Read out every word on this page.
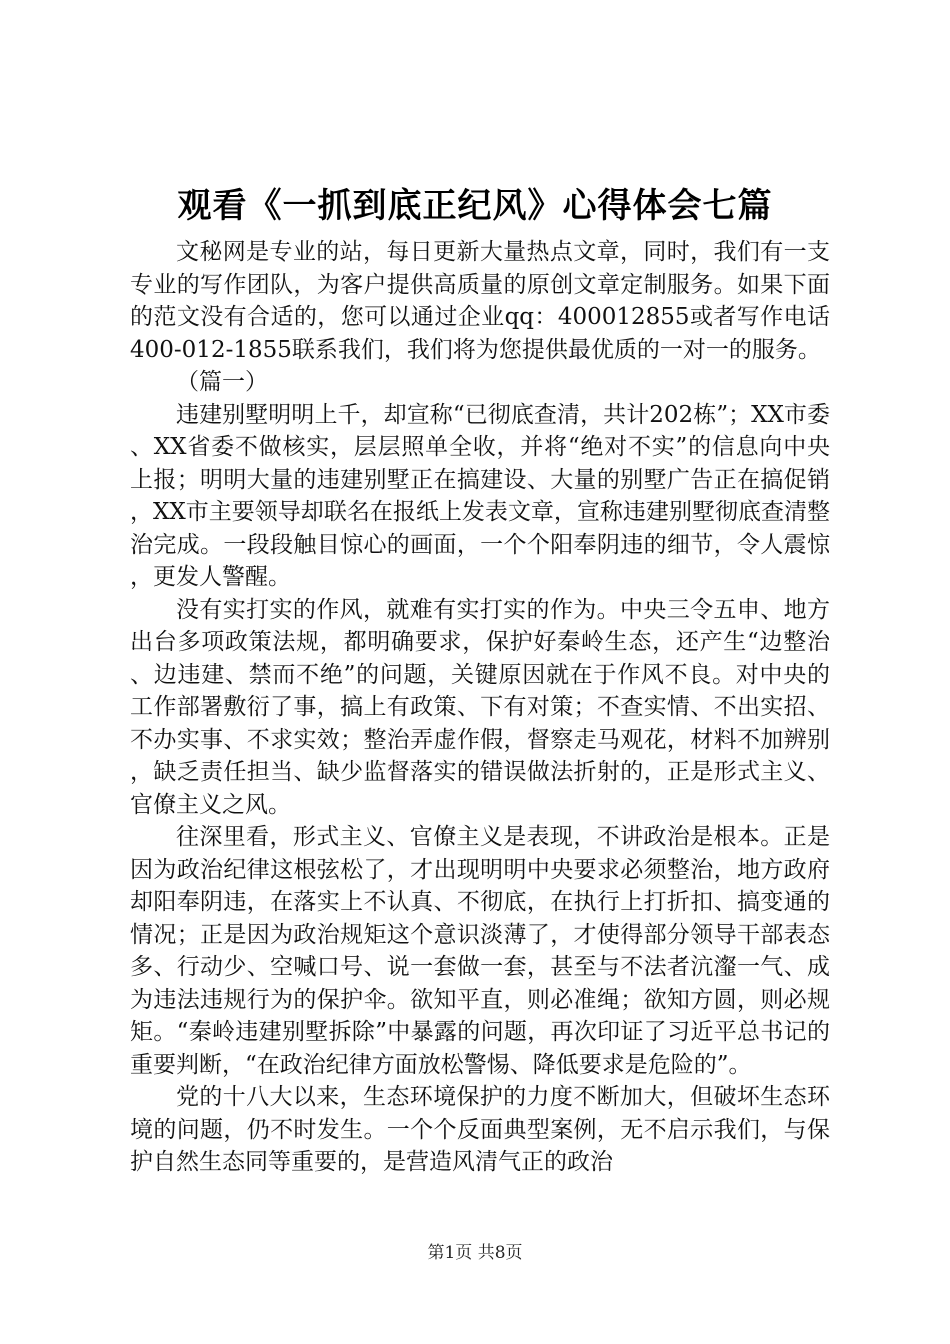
观看《一抓到底正纪风》心得体会七篇

文秘网是专业的站，每日更新大量热点文章，同时，我们有一支专业的写作团队，为客户提供高质量的原创文章定制服务。如果下面的范文没有合适的，您可以通过企业qq：400012855或者写作电话400-012-1855联系我们，我们将为您提供最优质的一对一的服务。

（篇一）

违建别墅明明上千，却宣称“已彻底查清，共计202栋”；XX市委、XX省委不做核实，层层照单全收，并将“绝对不实”的信息向中央上报；明明大量的违建别墅正在搞建设、大量的别墅广告正在搞促销，XX市主要领导却联名在报纸上发表文章，宣称违建别墅彻底查清整治完成。一段段触目惊心的画面，一个个阳奉阴违的细节，令人震惊，更发人警醒。

没有实打实的作风，就难有实打实的作为。中央三令五申、地方出台多项政策法规，都明确要求，保护好秦岭生态，还产生“边整治、边违建、禁而不绝”的问题，关键原因就在于作风不良。对中央的工作部署敷衍了事，搞上有政策、下有对策；不查实情、不出实招、不办实事、不求实效；整治弄虚作假，督察走马观花，材料不加辨别，缺乏责任担当、缺少监督落实的错误做法折射的，正是形式主义、官僚主义之风。

往深里看，形式主义、官僚主义是表现，不讲政治是根本。正是因为政治纪律这根弦松了，才出现明明中央要求必须整治，地方政府却阳奉阴违，在落实上不认真、不彻底，在执行上打折扣、搞变通的情况；正是因为政治规矩这个意识淡薄了，才使得部分领导干部表态多、行动少、空喊口号、说一套做一套，甚至与不法者沆瀣一气、成为违法违规行为的保护伞。欲知平直，则必准绳；欲知方圆，则必规矩。“秦岭违建别墅拆除”中暴露的问题，再次印证了习近平总书记的重要判断，“在政治纪律方面放松警惕、降低要求是危险的”。

党的十八大以来，生态环境保护的力度不断加大，但破坏生态环境的问题，仍不时发生。一个个反面典型案例，无不启示我们，与保护自然生态同等重要的，是营造风清气正的政治

第1页 共8页
